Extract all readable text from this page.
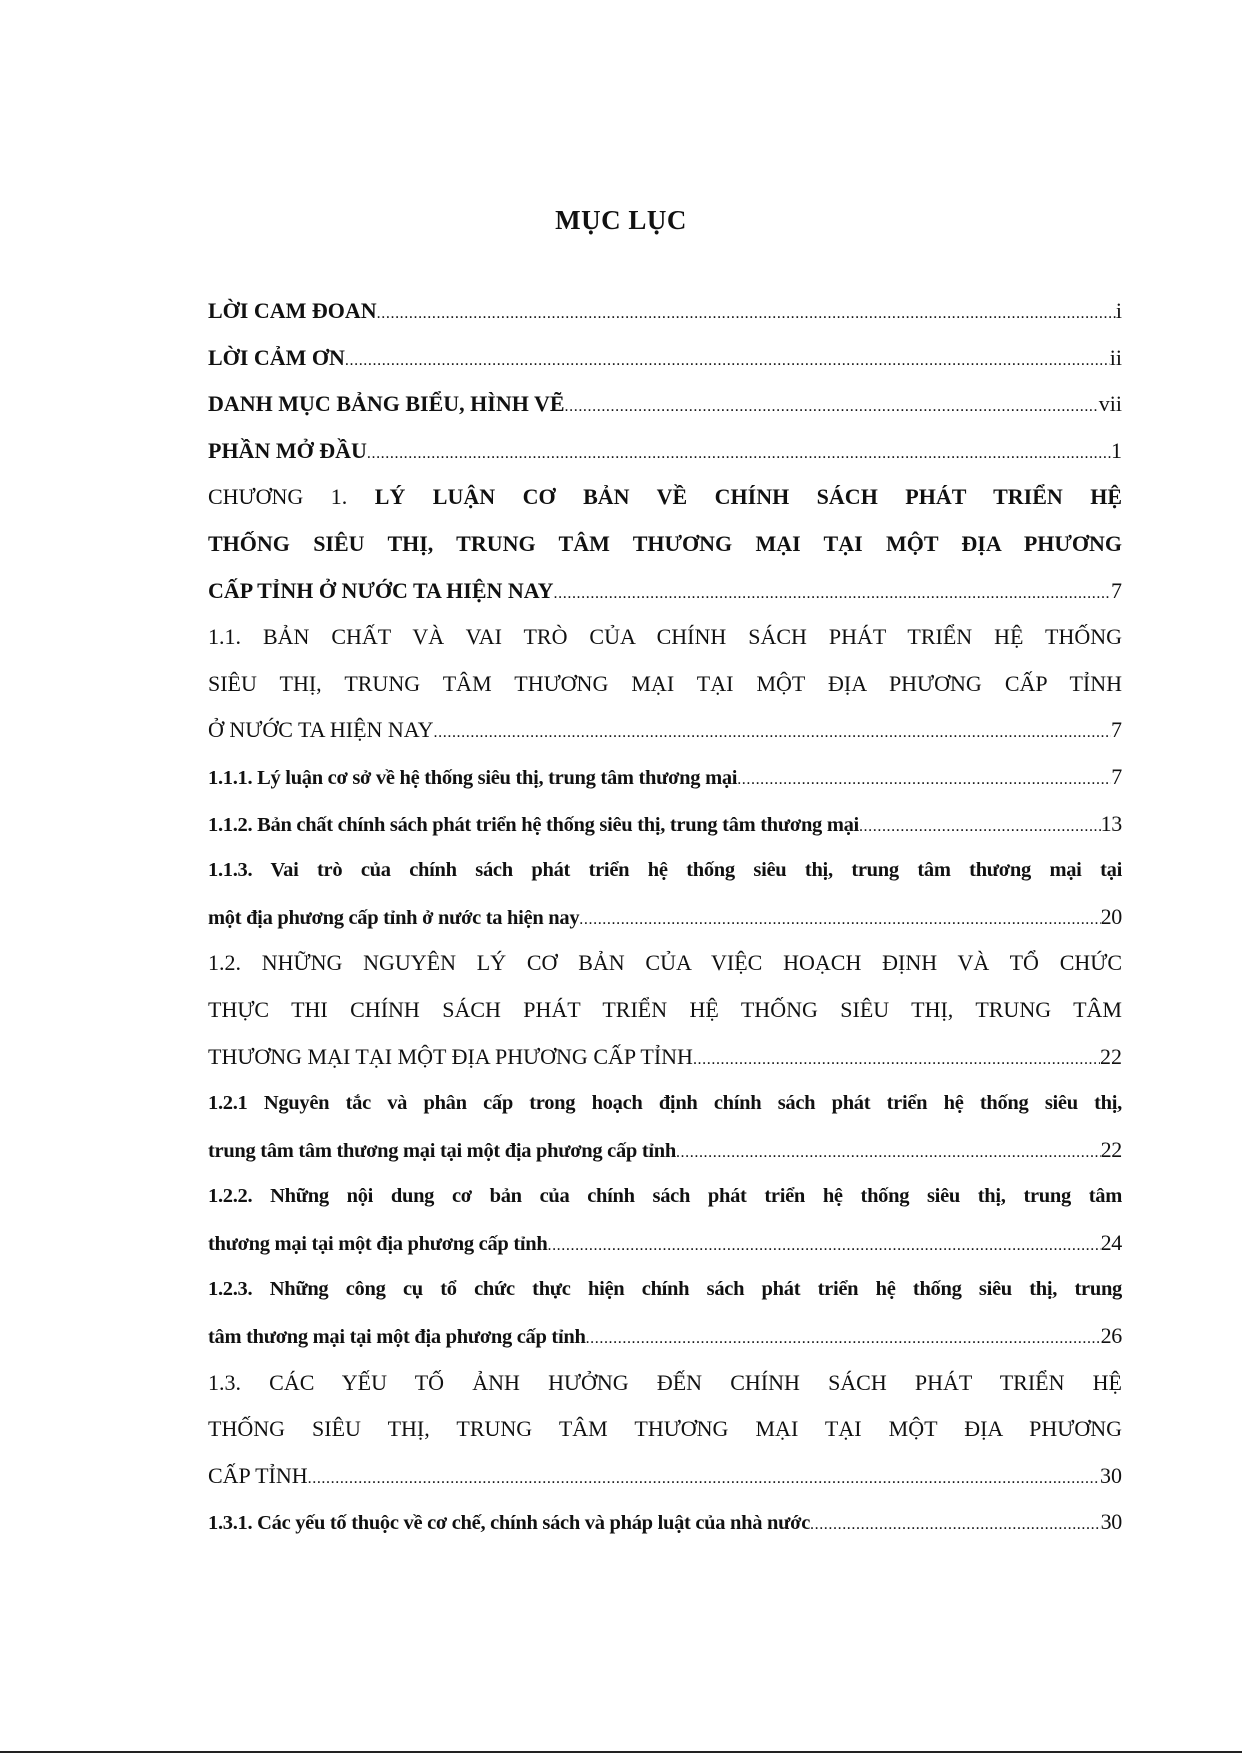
MỤC LỤC
LỜI CAM ĐOAN .....	i
LỜI CẢM ƠN .....	ii
DANH MỤC BẢNG BIỂU, HÌNH VẼ .....	vii
PHẦN MỞ ĐẦU .....	1
CHƯƠNG 1. LÝ LUẬN CƠ BẢN VỀ CHÍNH SÁCH PHÁT TRIỂN HỆ
THỐNG SIÊU THỊ, TRUNG TÂM THƯƠNG MẠI TẠI MỘT ĐỊA PHƯƠNG
CẤP TỈNH Ở NƯỚC TA HIỆN NAY .....	7
1.1. BẢN CHẤT VÀ VAI TRÒ CỦA CHÍNH SÁCH PHÁT TRIỂN HỆ THỐNG
SIÊU THỊ, TRUNG TÂM THƯƠNG MẠI TẠI MỘT ĐỊA PHƯƠNG CẤP TỈNH
Ở NƯỚC TA HIỆN NAY .....	7
1.1.1. Lý luận cơ sở về hệ thống siêu thị, trung tâm thương mại .....	7
1.1.2. Bản chất chính sách phát triển hệ thống siêu thị, trung tâm thương mại .....	13
1.1.3. Vai trò của chính sách phát triển hệ thống siêu thị, trung tâm thương mại tại
một địa phương cấp tỉnh ở nước ta hiện nay .....	20
1.2. NHỮNG NGUYÊN LÝ CƠ BẢN CỦA VIỆC HOẠCH ĐỊNH VÀ TỔ CHỨC
THỰC THI CHÍNH SÁCH PHÁT TRIỂN HỆ THỐNG SIÊU THỊ, TRUNG TÂM
THƯƠNG MẠI TẠI MỘT ĐỊA PHƯƠNG CẤP TỈNH .....	22
1.2.1 Nguyên tắc và phân cấp trong hoạch định chính sách phát triển hệ thống siêu thị,
trung tâm tâm thương mại tại một địa phương cấp tỉnh .....	22
1.2.2. Những nội dung cơ bản của chính sách phát triển hệ thống siêu thị, trung tâm
thương mại tại một địa phương cấp tỉnh .....	24
1.2.3. Những công cụ tổ chức thực hiện chính sách phát triển hệ thống siêu thị, trung
tâm thương mại tại một địa phương cấp tỉnh .....	26
1.3. CÁC YẾU TỐ ẢNH HƯỞNG ĐẾN CHÍNH SÁCH PHÁT TRIỂN HỆ
THỐNG SIÊU THỊ, TRUNG TÂM THƯƠNG MẠI TẠI MỘT ĐỊA PHƯƠNG
CẤP TỈNH .....	30
1.3.1. Các yếu tố thuộc về cơ chế, chính sách và pháp luật của nhà nước .....	30
